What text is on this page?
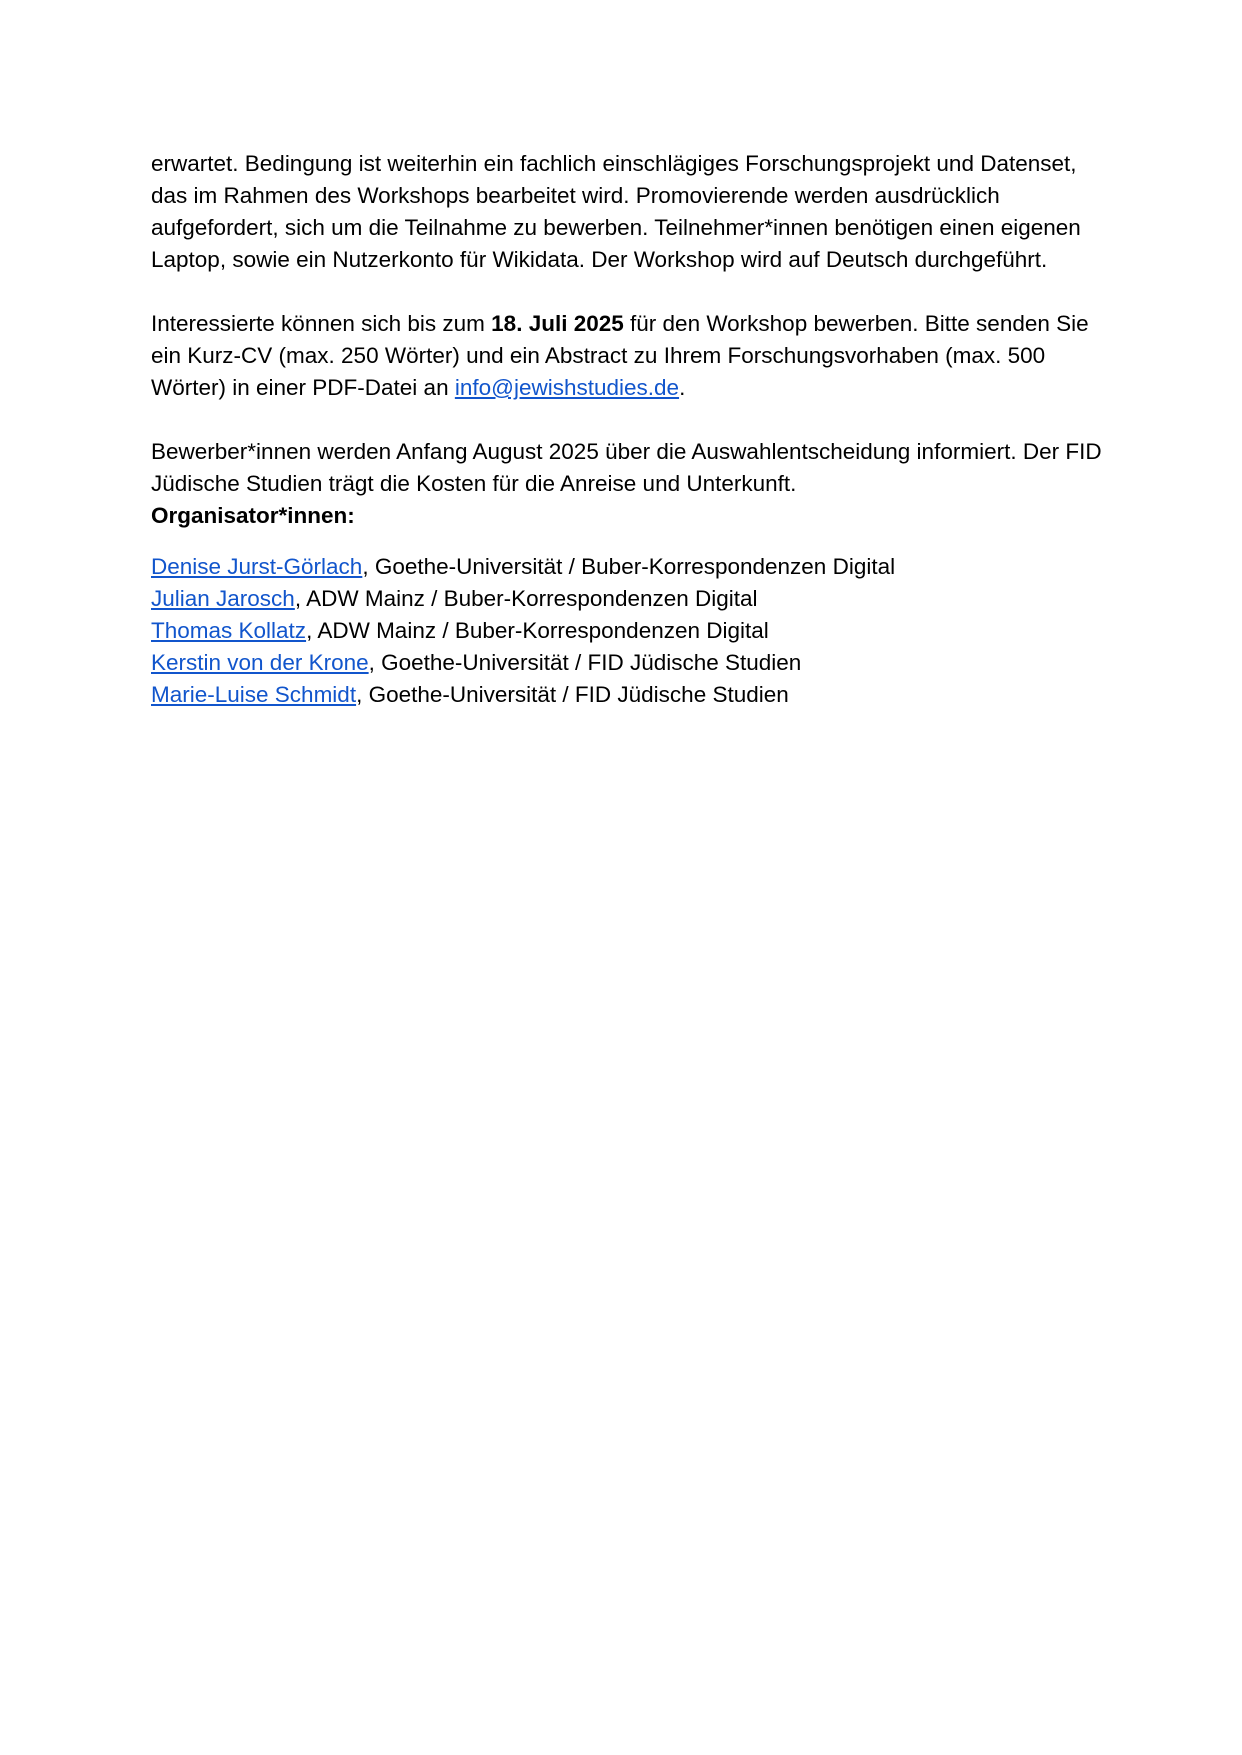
erwartet. Bedingung ist weiterhin ein fachlich einschlägiges Forschungsprojekt und Datenset, das im Rahmen des Workshops bearbeitet wird. Promovierende werden ausdrücklich aufgefordert, sich um die Teilnahme zu bewerben. Teilnehmer*innen benötigen einen eigenen Laptop, sowie ein Nutzerkonto für Wikidata. Der Workshop wird auf Deutsch durchgeführt.

Interessierte können sich bis zum 18. Juli 2025 für den Workshop bewerben. Bitte senden Sie ein Kurz-CV (max. 250 Wörter) und ein Abstract zu Ihrem Forschungsvorhaben (max. 500 Wörter) in einer PDF-Datei an info@jewishstudies.de.

Bewerber*innen werden Anfang August 2025 über die Auswahlentscheidung informiert. Der FID Jüdische Studien trägt die Kosten für die Anreise und Unterkunft.

Organisator*innen:

Denise Jurst-Görlach, Goethe-Universität / Buber-Korrespondenzen Digital
Julian Jarosch, ADW Mainz / Buber-Korrespondenzen Digital
Thomas Kollatz, ADW Mainz / Buber-Korrespondenzen Digital
Kerstin von der Krone, Goethe-Universität / FID Jüdische Studien
Marie-Luise Schmidt, Goethe-Universität / FID Jüdische Studien
